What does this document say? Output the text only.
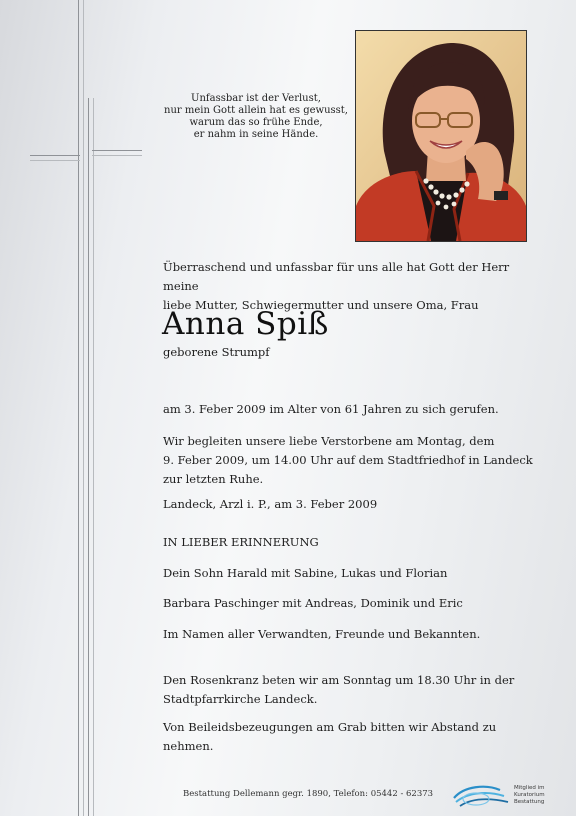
Unfassbar ist der Verlust,
nur mein Gott allein hat es gewusst,
warum das so frühe Ende,
er nahm in seine Hände.
Überraschend und unfassbar für uns alle hat Gott der Herr meine
liebe Mutter, Schwiegermutter und unsere Oma, Frau
Anna Spiß
geborene Strumpf
am 3. Feber 2009 im Alter von 61 Jahren zu sich gerufen.
Wir begleiten unsere liebe Verstorbene am Montag, dem
9. Feber 2009, um 14.00 Uhr auf dem Stadtfriedhof in Landeck
zur letzten Ruhe.
Landeck, Arzl i. P., am 3. Feber 2009
IN LIEBER ERINNERUNG
Dein Sohn Harald mit Sabine, Lukas und Florian
Barbara Paschinger mit Andreas, Dominik und Eric
Im Namen aller Verwandten, Freunde und Bekannten.
Den Rosenkranz beten wir am Sonntag um 18.30 Uhr in der
Stadtpfarrkirche Landeck.
Von Beileidsbezeugungen am Grab bitten wir Abstand zu
nehmen.
Bestattung Dellemann gegr. 1890, Telefon: 05442 - 62373
Mitglied im
Kuratorium Bestattung
